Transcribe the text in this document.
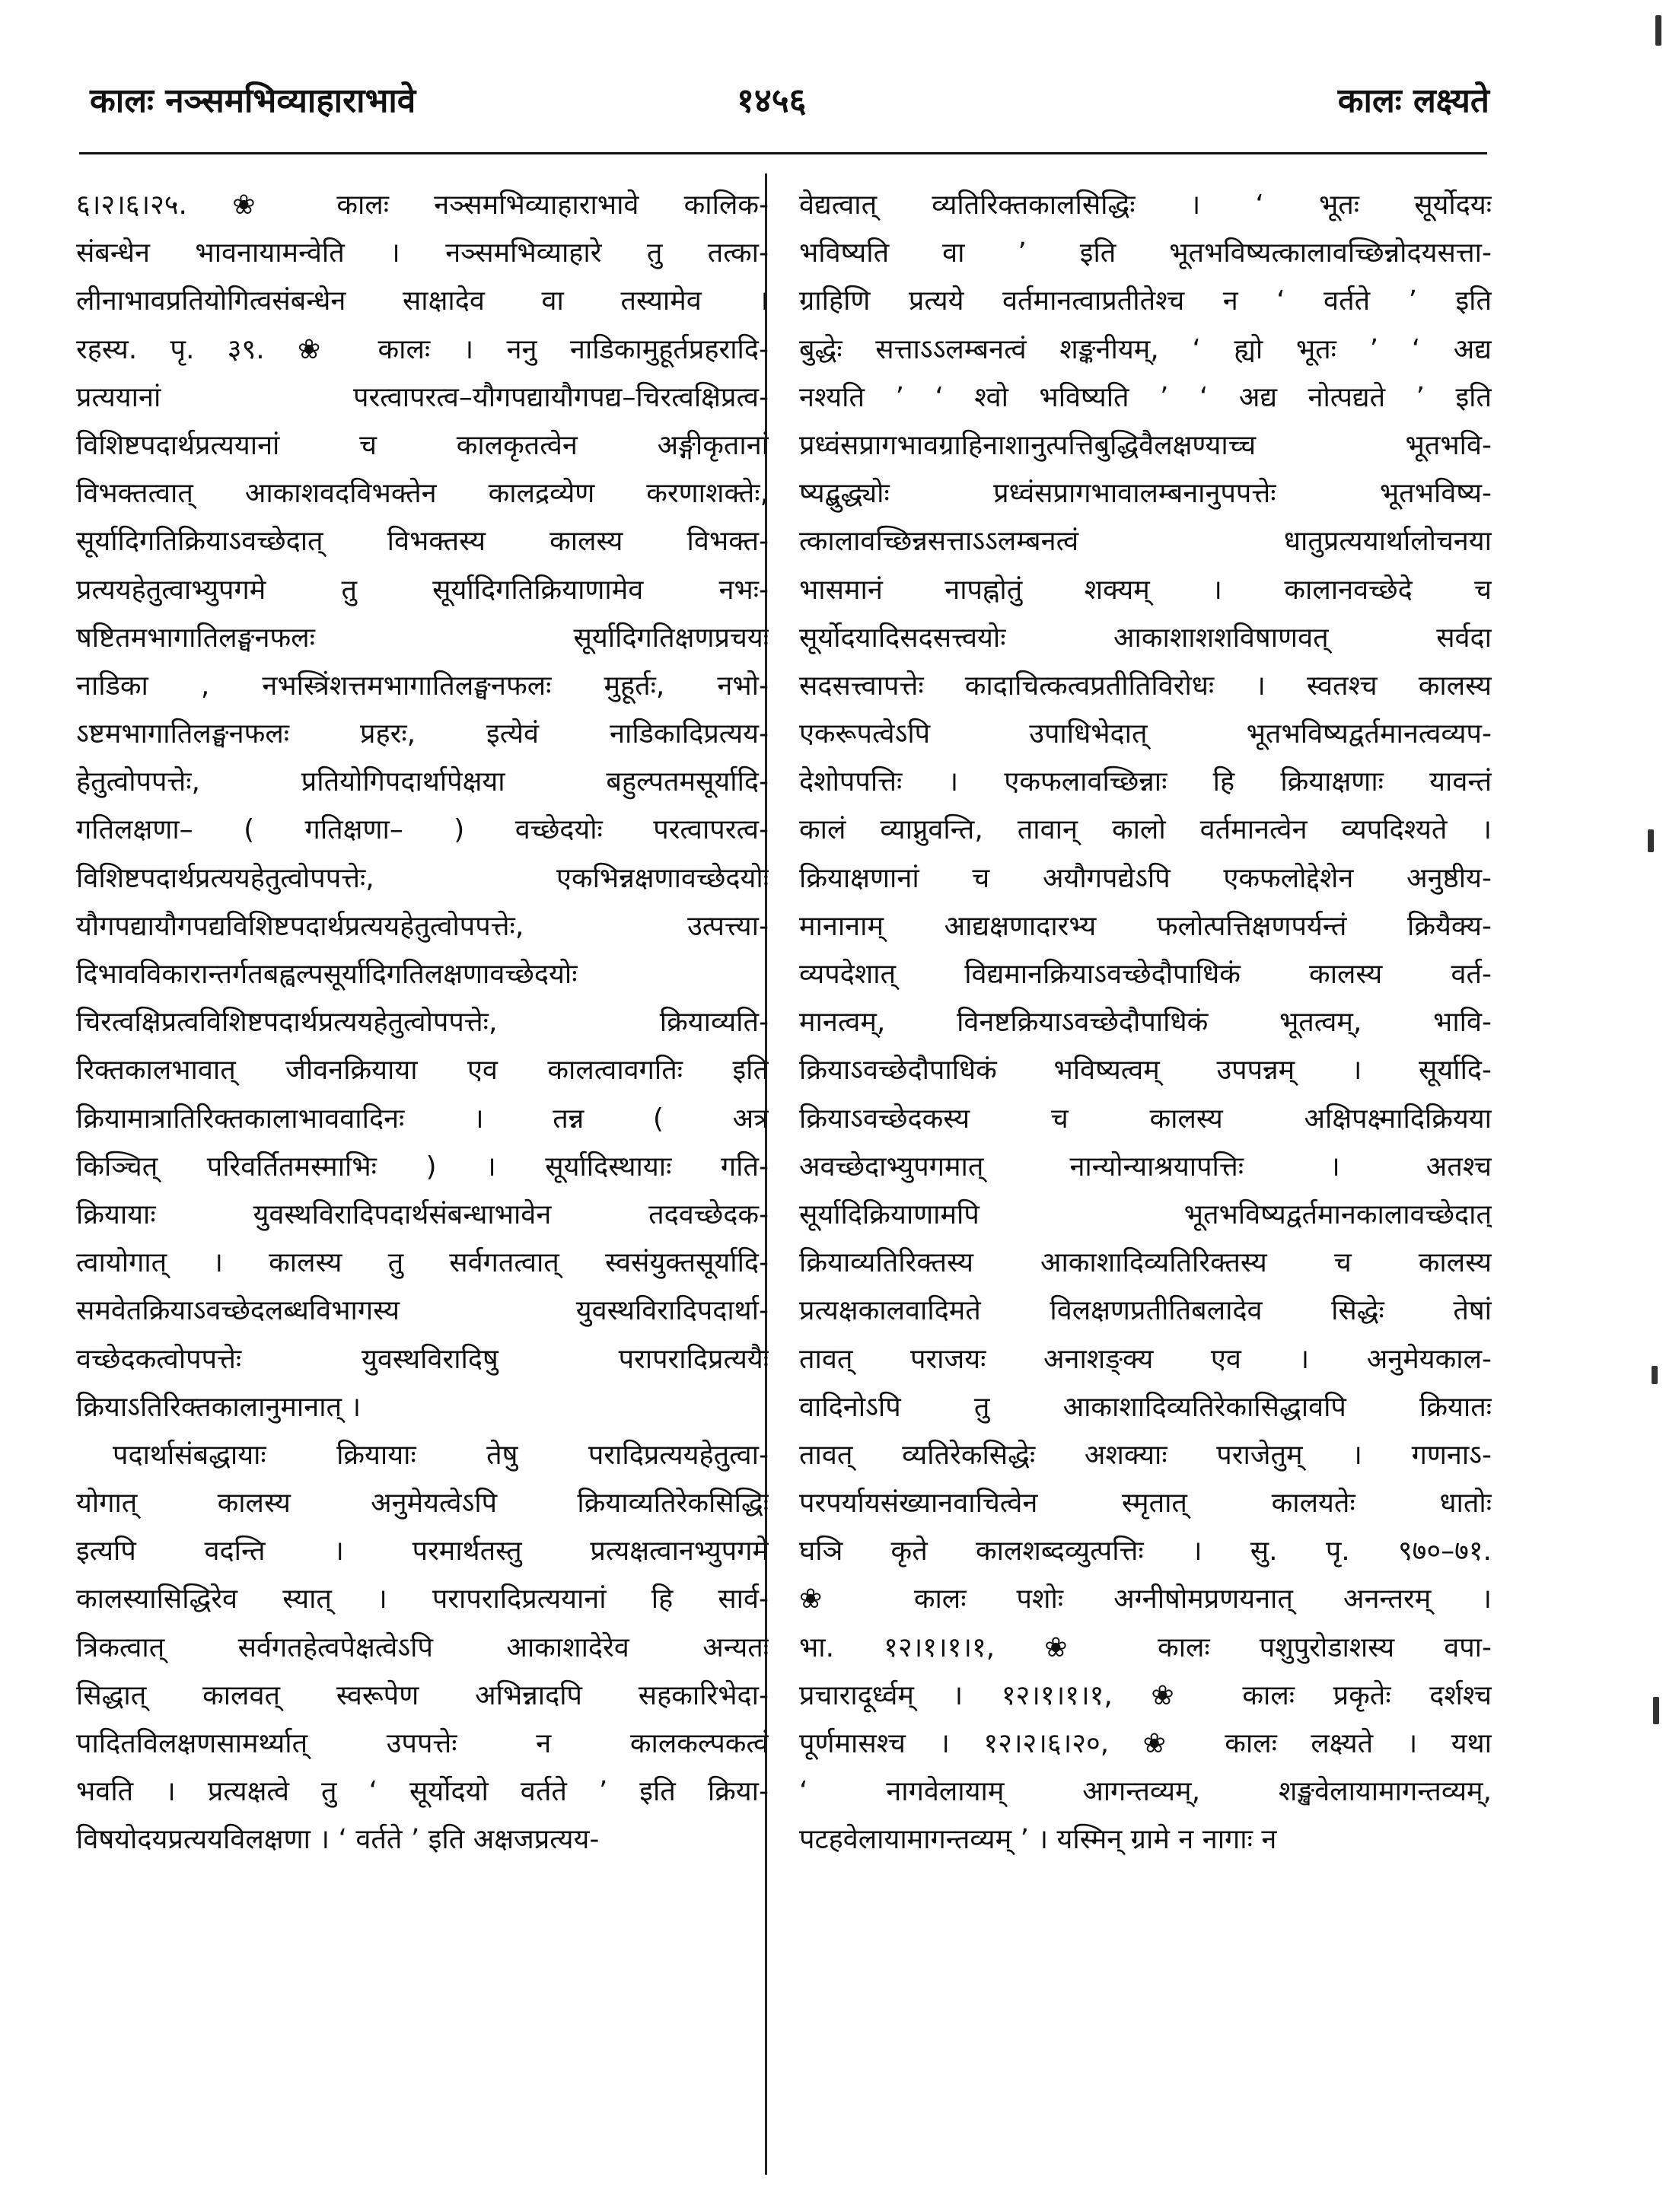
कालः नञ्समभिव्याहाराभावे	१४५६	कालः लक्ष्यते
६।२।६।२५. ❀ कालः नञ्समभिव्याहाराभावे कालिक-
संबन्धेन भावनायामन्वेति । नञ्समभिव्याहारे तु तत्का-
लीनाभावप्रतियोगित्वसंबन्धेन साक्षादेव वा तस्यामेव ।
रहस्य. पृ. ३९. ❀ कालः । ननु नाडिकामुहूर्तप्रहरादि-
प्रत्ययानां परत्वापरत्व–यौगपद्यायौगपद्य–चिरत्वक्षिप्रत्व-
विशिष्टपदार्थप्रत्ययानां च कालकृतत्वेन अङ्गीकृतानां
विभक्तत्वात् आकाशवदविभक्तेन कालद्रव्येण करणाशक्तेः,
सूर्यादिगतिक्रियाऽवच्छेदात् विभक्तस्य कालस्य विभक्त-
प्रत्ययहेतुत्वाभ्युपगमे तु सूर्यादिगतिक्रियाणामेव नभः-
षष्टितमभागातिलङ्घनफलः सूर्यादिगतिक्षणप्रचयः
नाडिका , नभस्त्रिंशत्तमभागातिलङ्घनफलः मुहूर्तः, नभो-
ऽष्टमभागातिलङ्घनफलः प्रहरः, इत्येवं नाडिकादिप्रत्यय-
हेतुत्वोपपत्तेः, प्रतियोगिपदार्थापेक्षया बहुल्पतमसूर्यादि-
गतिलक्षणा– ( गतिक्षणा– ) वच्छेदयोः परत्वापरत्व-
विशिष्टपदार्थप्रत्ययहेतुत्वोपपत्तेः, एकभिन्नक्षणावच्छेदयोः
यौगपद्यायौगपद्यविशिष्टपदार्थप्रत्ययहेतुत्वोपपत्तेः, उत्पत्त्या-
दिभावविकारान्तर्गतबह्वल्पसूर्यादिगतिलक्षणावच्छेदयोः
चिरत्वक्षिप्रत्वविशिष्टपदार्थप्रत्ययहेतुत्वोपपत्तेः, क्रियाव्यति-
रिक्तकालभावात् जीवनक्रियाया एव कालत्वावगतिः इति
क्रियामात्रातिरिक्तकालाभाववादिनः । तन्न ( अत्र
किञ्चित् परिवर्तितमस्माभिः ) । सूर्यादिस्थायाः गति-
क्रियायाः युवस्थविरादिपदार्थसंबन्धाभावेन तदवच्छेदक-
त्वायोगात् । कालस्य तु सर्वगतत्वात् स्वसंयुक्तसूर्यादि-
समवेतक्रियाऽवच्छेदलब्धविभागस्य युवस्थविरादिपदार्था-
वच्छेदकत्वोपपत्तेः युवस्थविरादिषु परापरादिप्रत्ययैः
क्रियाऽतिरिक्तकालानुमानात् ।
पदार्थासंबद्धायाः क्रियायाः तेषु परादिप्रत्ययहेतुत्वा-
योगात् कालस्य अनुमेयत्वेऽपि क्रियाव्यतिरेकसिद्धिः
इत्यपि वदन्ति । परमार्थतस्तु प्रत्यक्षत्वानभ्युपगमे
कालस्यासिद्धिरेव स्यात् । परापरादिप्रत्ययानां हि सार्व-
त्रिकत्वात् सर्वगतहेत्वपेक्षत्वेऽपि आकाशादेरेव अन्यतः
सिद्धात् कालवत् स्वरूपेण अभिन्नादपि सहकारिभेदा-
पादितविलक्षणसामर्थ्यात् उपपत्तेः न कालकल्पकत्वं
भवति । प्रत्यक्षत्वे तु ‘ सूर्योदयो वर्तते ’ इति क्रिया-
विषयोदयप्रत्ययविलक्षणा । ‘ वर्तते ’ इति अक्षजप्रत्यय-
वेद्यत्वात् व्यतिरिक्तकालसिद्धिः । ‘ भूतः सूर्योदयः
भविष्यति वा ’ इति भूतभविष्यत्कालावच्छिन्नोदयसत्ता-
ग्राहिणि प्रत्यये वर्तमानत्वाप्रतीतेश्च न ‘ वर्तते ’ इति
बुद्धेः सत्ताऽऽलम्बनत्वं शङ्कनीयम्, ‘ ह्यो भूतः ’ ‘ अद्य
नश्यति ’ ‘ श्वो भविष्यति ’ ‘ अद्य नोत्पद्यते ’ इति
प्रध्वंसप्रागभावग्राहिनाशानुत्पत्तिबुद्धिवैलक्षण्याच्च भूतभवि-
ष्यद्बुद्ध्योः प्रध्वंसप्रागभावालम्बनानुपपत्तेः भूतभविष्य-
त्कालावच्छिन्नसत्ताऽऽलम्बनत्वं धातुप्रत्ययार्थालोचनया
भासमानं नापह्नोतुं शक्यम् । कालानवच्छेदे च
सूर्योदयादिसदसत्त्वयोः आकाशाशशविषाणवत् सर्वदा
सदसत्त्वापत्तेः कादाचित्कत्वप्रतीतिविरोधः । स्वतश्च कालस्य
एकरूपत्वेऽपि उपाधिभेदात् भूतभविष्यद्वर्तमानत्वव्यप-
देशोपपत्तिः । एकफलावच्छिन्नाः हि क्रियाक्षणाः यावन्तं
कालं व्याप्नुवन्ति, तावान् कालो वर्तमानत्वेन व्यपदिश्यते ।
क्रियाक्षणानां च अयौगपद्येऽपि एकफलोद्देशेन अनुष्ठीय-
मानानाम् आद्यक्षणादारभ्य फलोत्पत्तिक्षणपर्यन्तं क्रियैक्य-
व्यपदेशात् विद्यमानक्रियाऽवच्छेदौपाधिकं कालस्य वर्त-
मानत्वम्, विनष्टक्रियाऽवच्छेदौपाधिकं भूतत्वम्, भावि-
क्रियाऽवच्छेदौपाधिकं भविष्यत्वम् उपपन्नम् । सूर्यादि-
क्रियाऽवच्छेदकस्य च कालस्य अक्षिपक्ष्मादिक्रियया
अवच्छेदाभ्युपगमात् नान्योन्याश्रयापत्तिः । अतश्च
सूर्यादिक्रियाणामपि भूतभविष्यद्वर्तमानकालावच्छेदात्
क्रियाव्यतिरिक्तस्य आकाशादिव्यतिरिक्तस्य च कालस्य
प्रत्यक्षकालवादिमते विलक्षणप्रतीतिबलादेव सिद्धेः तेषां
तावत् पराजयः अनाशङ्क्य एव । अनुमेयकाल-
वादिनोऽपि तु आकाशादिव्यतिरेकासिद्धावपि क्रियातः
तावत् व्यतिरेकसिद्धेः अशक्याः पराजेतुम् । गणनाऽ-
परपर्यायसंख्यानवाचित्वेन स्मृतात् कालयतेः धातोः
घञि कृते कालशब्दव्युत्पत्तिः । सु. पृ. ९७०–७१.
❀ कालः पशोः अग्नीषोमप्रणयनात् अनन्तरम् ।
भा. १२।१।१।१, ❀ कालः पशुपुरोडाशस्य वपा-
प्रचारादूर्ध्वम् । १२।१।१।१, ❀ कालः प्रकृतेः दर्शश्च
पूर्णमासश्च । १२।२।६।२०, ❀ कालः लक्ष्यते । यथा
‘ नागवेलायाम् आगन्तव्यम्, शङ्खवेलायामागन्तव्यम्,
पटहवेलायामागन्तव्यम् ’ । यस्मिन् ग्रामे न नागाः न
